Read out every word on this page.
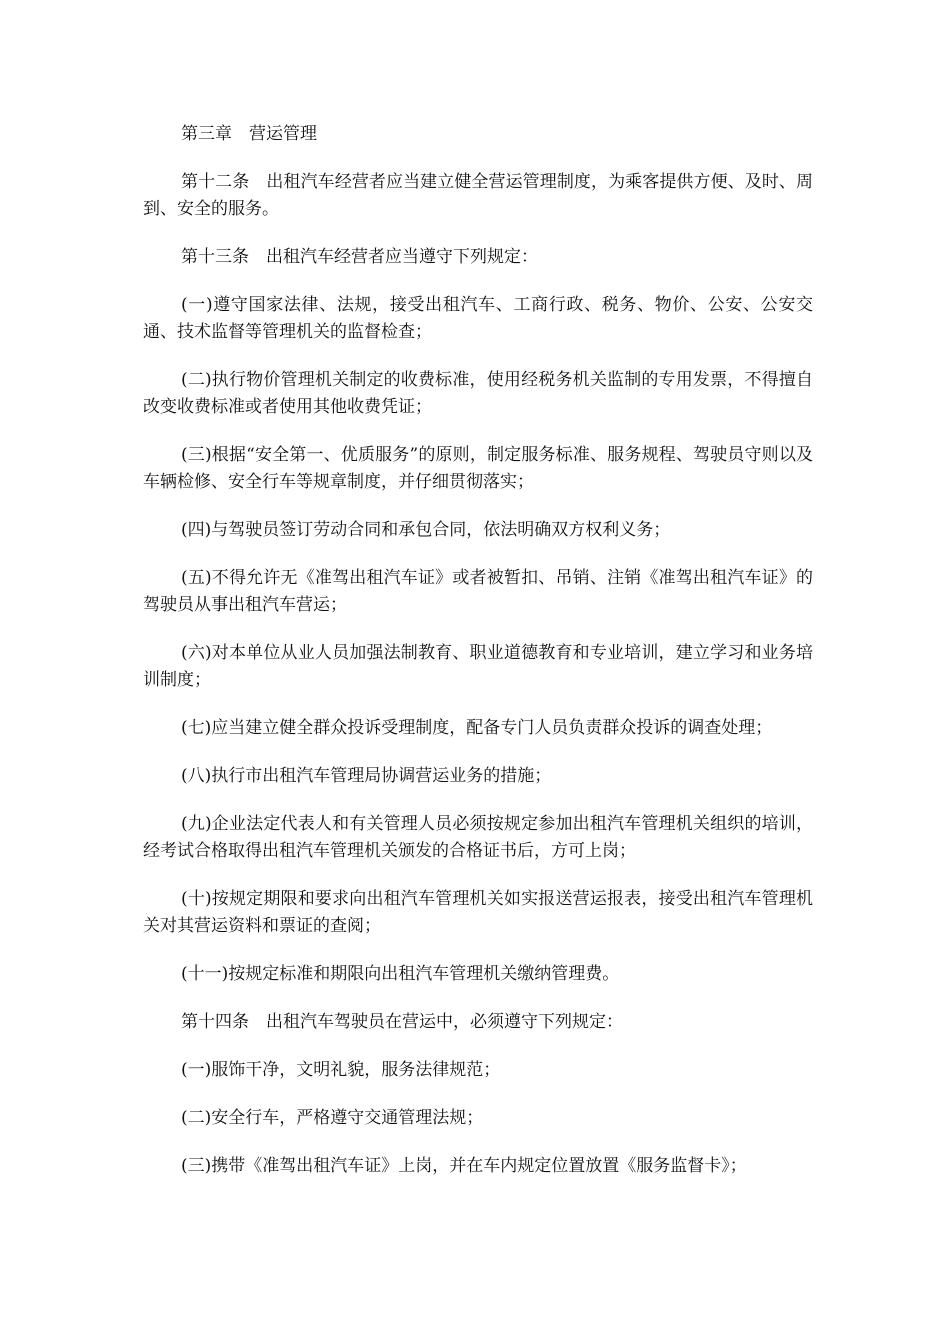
第三章　营运管理

第十二条　出租汽车经营者应当建立健全营运管理制度，为乘客提供方便、及时、周到、安全的服务。

第十三条　出租汽车经营者应当遵守下列规定：

(一)遵守国家法律、法规，接受出租汽车、工商行政、税务、物价、公安、公安交通、技术监督等管理机关的监督检查；

(二)执行物价管理机关制定的收费标准，使用经税务机关监制的专用发票，不得擅自改变收费标准或者使用其他收费凭证；

(三)根据“安全第一、优质服务”的原则，制定服务标准、服务规程、驾驶员守则以及车辆检修、安全行车等规章制度，并仔细贯彻落实；

(四)与驾驶员签订劳动合同和承包合同，依法明确双方权利义务；

(五)不得允许无《准驾出租汽车证》或者被暂扣、吊销、注销《准驾出租汽车证》的驾驶员从事出租汽车营运；

(六)对本单位从业人员加强法制教育、职业道德教育和专业培训，建立学习和业务培训制度；

(七)应当建立健全群众投诉受理制度，配备专门人员负责群众投诉的调查处理；

(八)执行市出租汽车管理局协调营运业务的措施；

(九)企业法定代表人和有关管理人员必须按规定参加出租汽车管理机关组织的培训，经考试合格取得出租汽车管理机关颁发的合格证书后，方可上岗；

(十)按规定期限和要求向出租汽车管理机关如实报送营运报表，接受出租汽车管理机关对其营运资料和票证的查阅；

(十一)按规定标准和期限向出租汽车管理机关缴纳管理费。

第十四条　出租汽车驾驶员在营运中，必须遵守下列规定：

(一)服饰干净，文明礼貌，服务法律规范；

(二)安全行车，严格遵守交通管理法规；

(三)携带《准驾出租汽车证》上岗，并在车内规定位置放置《服务监督卡》；
